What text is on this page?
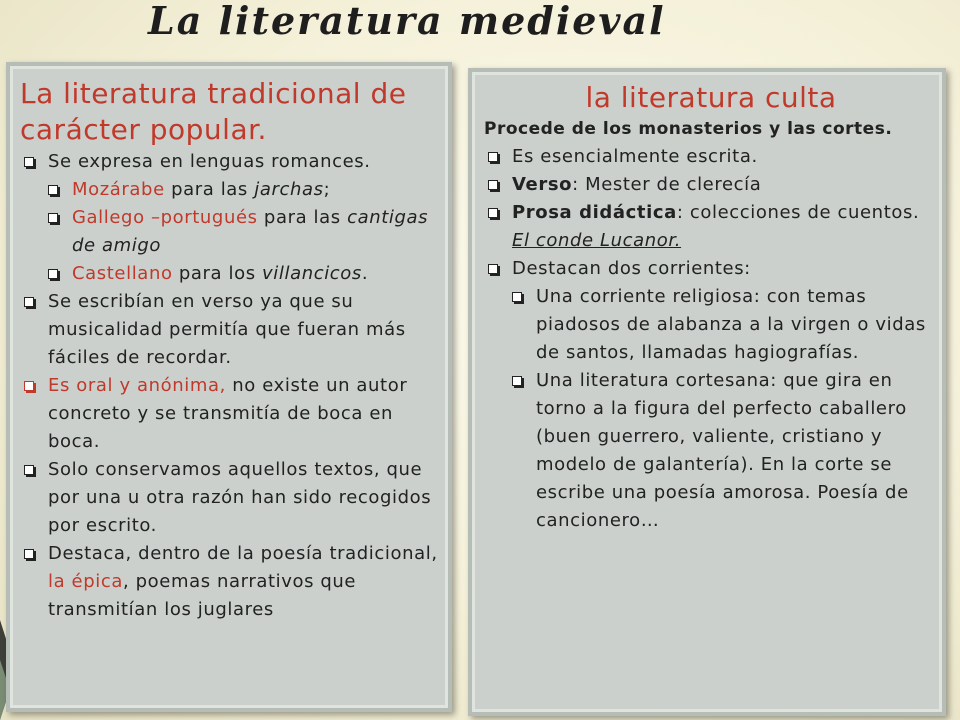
La literatura medieval
La literatura tradicional de carácter popular.
Se expresa en lenguas romances.
Mozárabe para las jarchas;
Gallego –portugués para las cantigas de amigo
Castellano para los villancicos.
Se escribían en verso ya que su musicalidad permitía que fueran más fáciles de recordar.
Es oral y anónima, no existe un autor concreto y se transmitía de boca en boca.
Solo conservamos aquellos textos, que por una u otra razón han sido recogidos por escrito.
Destaca, dentro de la poesía tradicional, la épica, poemas narrativos que transmitían los juglares
la literatura culta
Procede de los monasterios y las cortes.
Es esencialmente escrita.
Verso: Mester de clerecía
Prosa didáctica: colecciones de cuentos. El conde Lucanor.
Destacan dos corrientes:
Una corriente religiosa: con temas piadosos de alabanza a la virgen o vidas de santos, llamadas hagiografías.
Una literatura cortesana: que gira en torno a la figura del perfecto caballero (buen guerrero, valiente, cristiano y modelo de galantería). En la corte se escribe una poesía amorosa. Poesía de cancionero…
